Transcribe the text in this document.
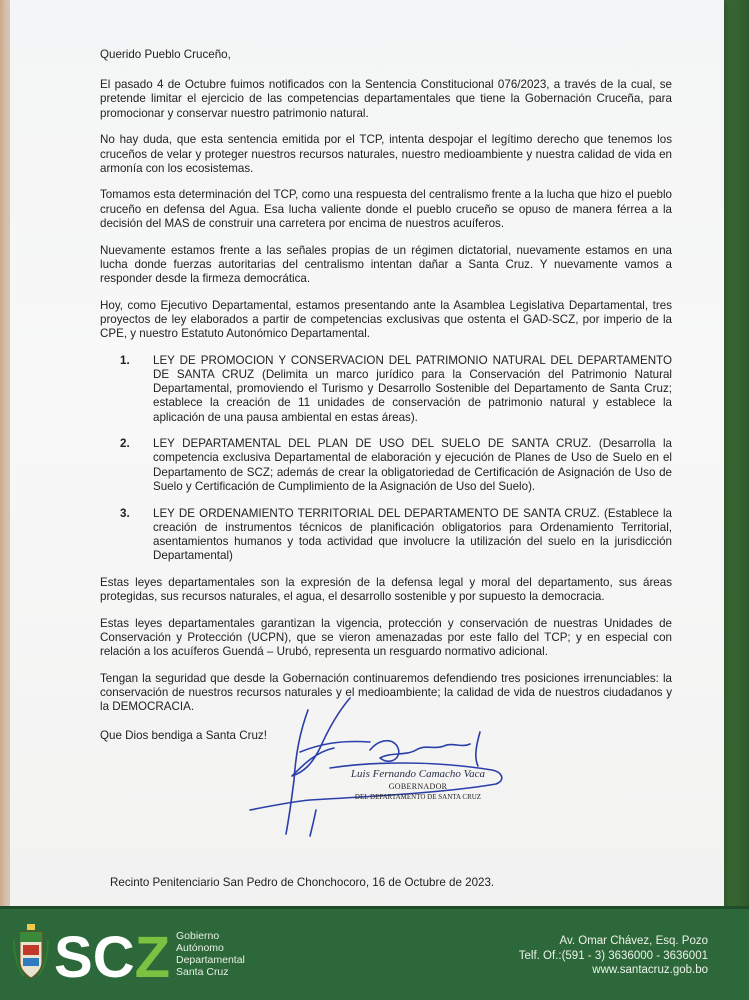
Querido Pueblo Cruceño,

El pasado 4 de Octubre fuimos notificados con la Sentencia Constitucional 076/2023, a través de la cual, se pretende limitar el ejercicio de las competencias departamentales que tiene la Gobernación Cruceña, para promocionar y conservar nuestro patrimonio natural.

No hay duda, que esta sentencia emitida por el TCP, intenta despojar el legítimo derecho que tenemos los cruceños de velar y proteger nuestros recursos naturales, nuestro medioambiente y nuestra calidad de vida en armonía con los ecosistemas.

Tomamos esta determinación del TCP, como una respuesta del centralismo frente a la lucha que hizo el pueblo cruceño en defensa del Agua. Esa lucha valiente donde el pueblo cruceño se opuso de manera férrea a la decisión del MAS de construir una carretera por encima de nuestros acuíferos.

Nuevamente estamos frente a las señales propias de un régimen dictatorial, nuevamente estamos en una lucha donde fuerzas autoritarias del centralismo intentan dañar a Santa Cruz. Y nuevamente vamos a responder desde la firmeza democrática.

Hoy, como Ejecutivo Departamental, estamos presentando ante la Asamblea Legislativa Departamental, tres proyectos de ley elaborados a partir de competencias exclusivas que ostenta el GAD-SCZ, por imperio de la CPE, y nuestro Estatuto Autonómico Departamental.

1. LEY DE PROMOCION Y CONSERVACION DEL PATRIMONIO NATURAL DEL DEPARTAMENTO DE SANTA CRUZ (Delimita un marco jurídico para la Conservación del Patrimonio Natural Departamental, promoviendo el Turismo y Desarrollo Sostenible del Departamento de Santa Cruz; establece la creación de 11 unidades de conservación de patrimonio natural y establece la aplicación de una pausa ambiental en estas áreas).
2. LEY DEPARTAMENTAL DEL PLAN DE USO DEL SUELO DE SANTA CRUZ. (Desarrolla la competencia exclusiva Departamental de elaboración y ejecución de Planes de Uso de Suelo en el Departamento de SCZ; además de crear la obligatoriedad de Certificación de Asignación de Uso de Suelo y Certificación de Cumplimiento de la Asignación de Uso del Suelo).
3. LEY DE ORDENAMIENTO TERRITORIAL DEL DEPARTAMENTO DE SANTA CRUZ. (Establece la creación de instrumentos técnicos de planificación obligatorios para Ordenamiento Territorial, asentamientos humanos y toda actividad que involucre la utilización del suelo en la jurisdicción Departamental)

Estas leyes departamentales son la expresión de la defensa legal y moral del departamento, sus áreas protegidas, sus recursos naturales, el agua, el desarrollo sostenible y por supuesto la democracia.

Estas leyes departamentales garantizan la vigencia, protección y conservación de nuestras Unidades de Conservación y Protección (UCPN), que se vieron amenazadas por este fallo del TCP; y en especial con relación a los acuíferos Guendá – Urubó, representa un resguardo normativo adicional.

Tengan la seguridad que desde la Gobernación continuaremos defendiendo tres posiciones irrenunciables: la conservación de nuestros recursos naturales y el medioambiente; la calidad de vida de nuestros ciudadanos y la DEMOCRACIA.

Que Dios bendiga a Santa Cruz!

Luis Fernando Camacho Vaca
GOBERNADOR
DEL DEPARTAMENTO DE SANTA CRUZ
Recinto Penitenciario San Pedro de Chonchocoro, 16 de Octubre de 2023.
SCZ Gobierno
Autónomo
Departamental
Santa Cruz
Av. Omar Chávez, Esq. Pozo
Telf. Of.:(591 - 3) 3636000 - 3636001
www.santacruz.gob.bo
